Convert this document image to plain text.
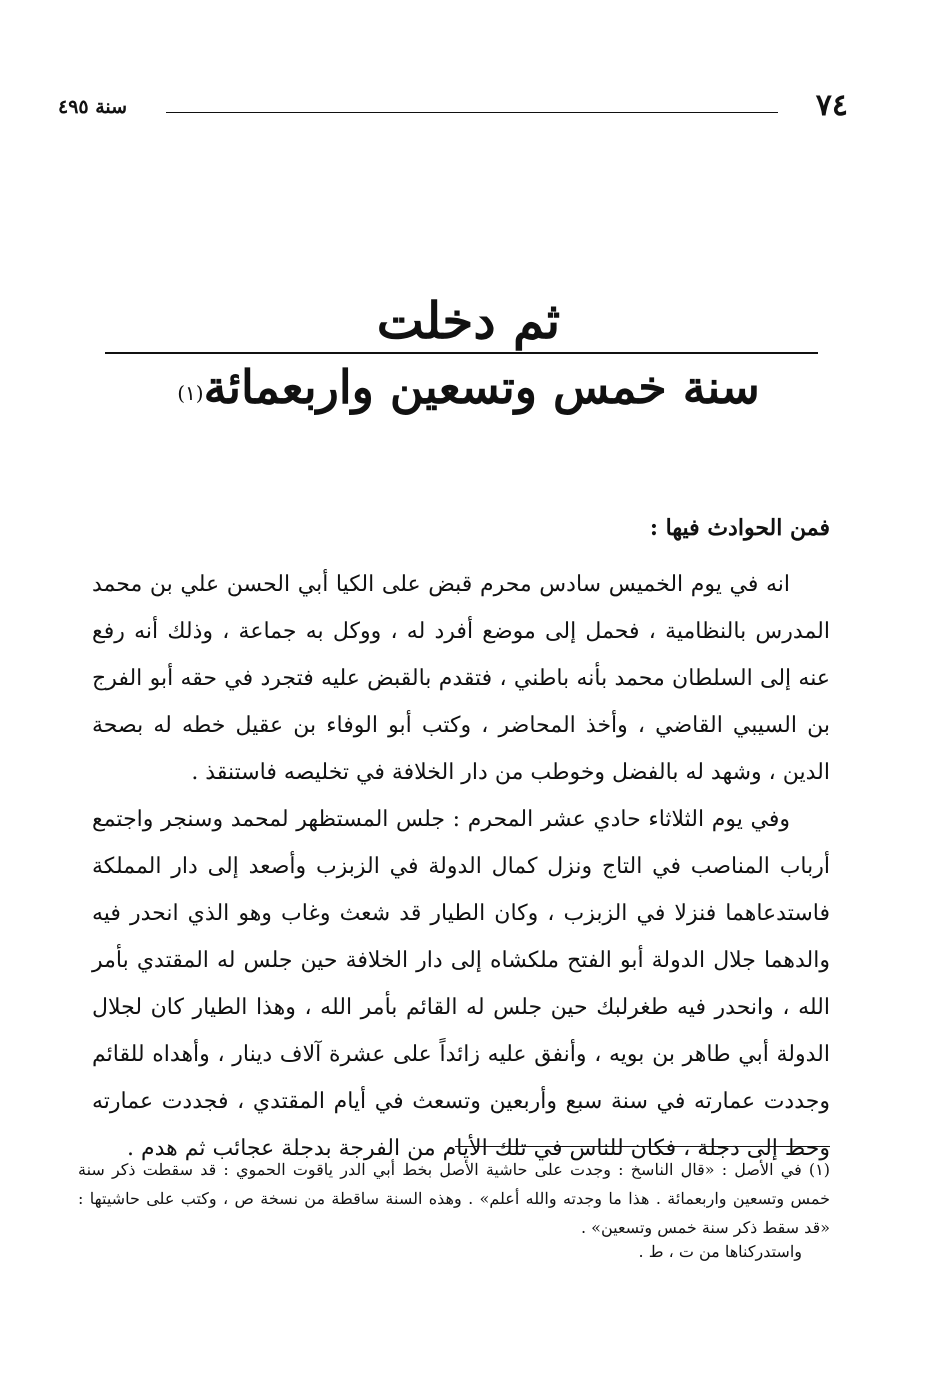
٧٤
سنة ٤٩٥
ثم دخلت
سنة خمس وتسعين واربعمائة$^{(١)}$
فمن الحوادث فيها :

انه في يوم الخميس سادس محرم قبض على الكيا أبي الحسن علي بن محمد المدرس بالنظامية ، فحمل إلى موضع أفرد له ، ووكل به جماعة ، وذلك أنه رفع عنه إلى السلطان محمد بأنه باطني ، فتقدم بالقبض عليه فتجرد في حقه أبو الفرج بن السيبي القاضي ، وأخذ المحاضر ، وكتب أبو الوفاء بن عقيل خطه له بصحة الدين ، وشهد له بالفضل وخوطب من دار الخلافة في تخليصه فاستنقذ .

وفي يوم الثلاثاء حادي عشر المحرم : جلس المستظهر لمحمد وسنجر واجتمع أرباب المناصب في التاج ونزل كمال الدولة في الزبزب وأصعد إلى دار المملكة فاستدعاهما فنزلا في الزبزب ، وكان الطيار قد شعث وغاب وهو الذي انحدر فيه والدهما جلال الدولة أبو الفتح ملكشاه إلى دار الخلافة حين جلس له المقتدي بأمر الله ، وانحدر فيه طغرلبك حين جلس له القائم بأمر الله ، وهذا الطيار كان لجلال الدولة أبي طاهر بن بويه ، وأنفق عليه زائداً على عشرة آلاف دينار ، وأهداه للقائم وجددت عمارته في سنة سبع وأربعين وتسعث في أيام المقتدي ، فجددت عمارته وحط إلى دجلة ، فكان للناس في تلك الأيام من الفرجة بدجلة عجائب ثم هدم .

(١) في الأصل : «قال الناسخ : وجدت على حاشية الأصل بخط أبي الدر ياقوت الحموي : قد سقطت ذكر سنة خمس وتسعين واربعمائة . هذا ما وجدته والله أعلم» . وهذه السنة ساقطة من نسخة ص ، وكتب على حاشيتها : «قد سقط ذكر سنة خمس وتسعين» .

واستدركناها من ت ، ط .
